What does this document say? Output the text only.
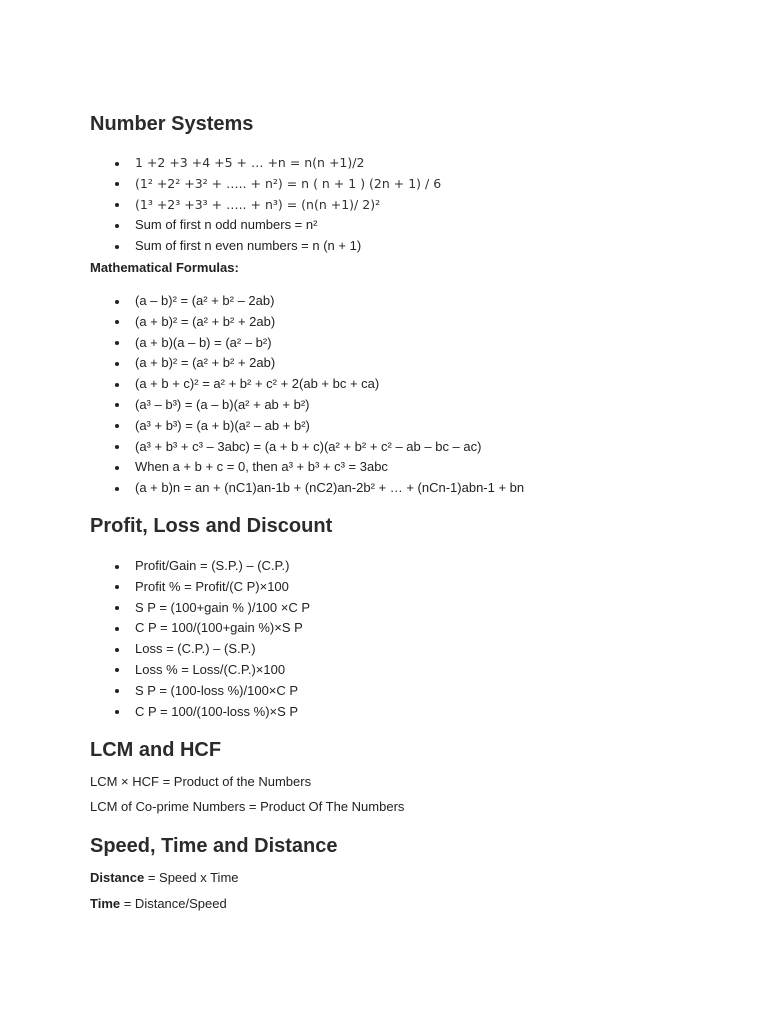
Number Systems
1 +2 +3 +4 +5 + … +n = n(n +1)/2
(1² +2² +3² + ….. + n²) = n ( n + 1 ) (2n + 1) / 6
(1³ +2³ +3³ + ….. + n³) = (n(n +1)/ 2)²
Sum of first n odd numbers = n²
Sum of first n even numbers = n (n + 1)

Mathematical Formulas:

(a – b)² = (a² + b² – 2ab)
(a + b)² = (a² + b² + 2ab)
(a + b)(a – b) = (a² – b²)
(a + b)² = (a² + b² + 2ab)
(a + b + c)² = a² + b² + c² + 2(ab + bc + ca)
(a³ – b³) = (a – b)(a² + ab + b²)
(a³ + b³) = (a + b)(a² – ab + b²)
(a³ + b³ + c³ – 3abc) = (a + b + c)(a² + b² + c² – ab – bc – ac)
When a + b + c = 0, then a³ + b³ + c³ = 3abc
(a + b)n = an + (nC1)an-1b + (nC2)an-2b² + … + (nCn-1)abn-1 + bn
Profit, Loss and Discount
Profit/Gain = (S.P.) – (C.P.)
Profit % = Profit/(C P)×100
S P = (100+gain % )/100 ×C P
C P = 100/(100+gain %)×S P
Loss = (C.P.) – (S.P.)
Loss % = Loss/(C.P.)×100
S P = (100-loss %)/100×C P
C P = 100/(100-loss %)×S P
LCM and HCF

LCM × HCF = Product of the Numbers

LCM of Co-prime Numbers = Product Of The Numbers

Speed, Time and Distance

Distance = Speed x Time

Time = Distance/Speed
